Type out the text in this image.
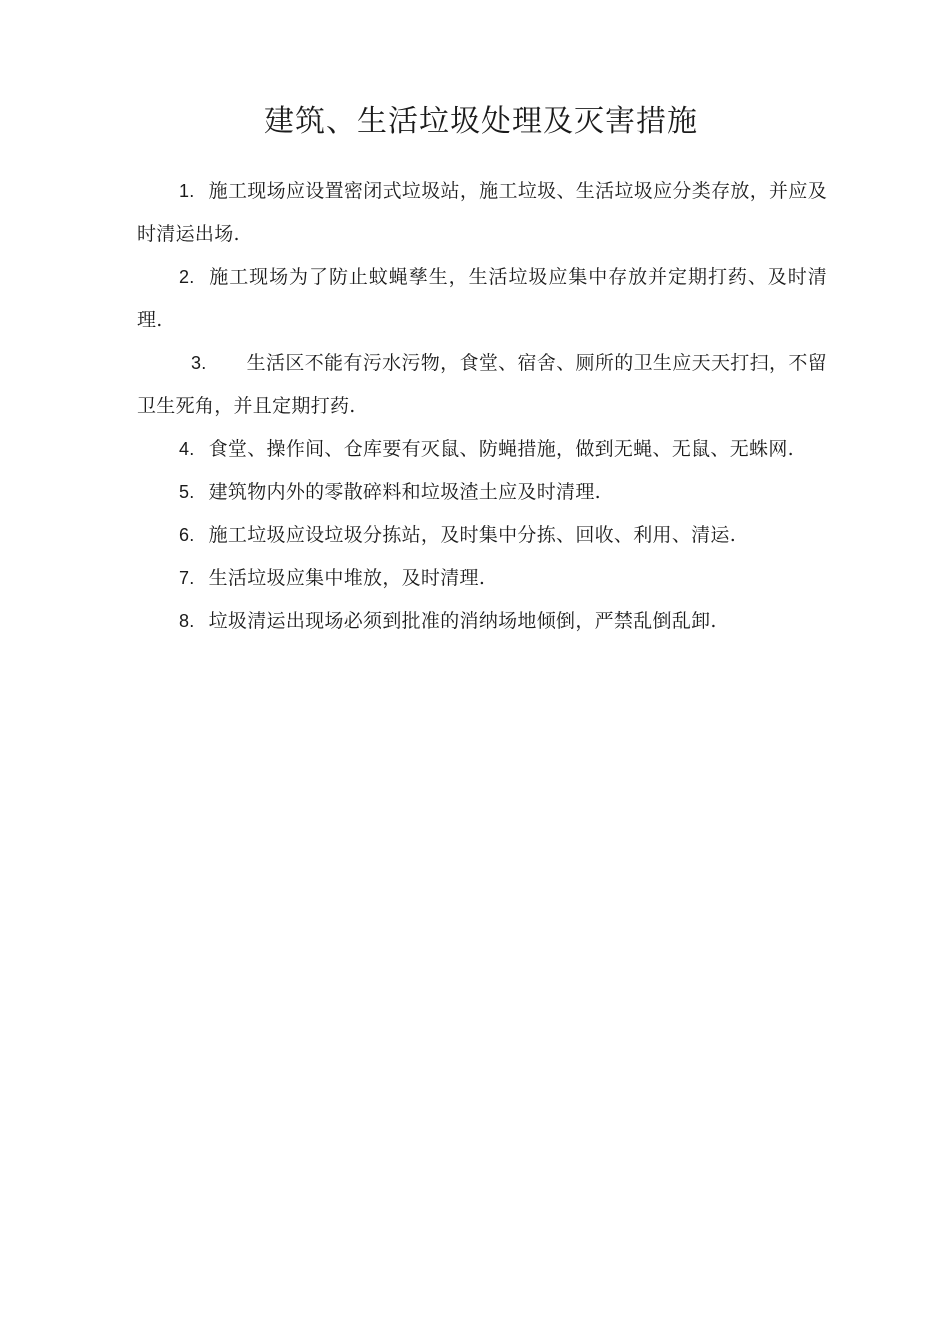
建筑、生活垃圾处理及灭害措施

1. 施工现场应设置密闭式垃圾站，施工垃圾、生活垃圾应分类存放，并应及时清运出场.

2. 施工现场为了防止蚊蝇孳生，生活垃圾应集中存放并定期打药、及时清理.

3. 生活区不能有污水污物，食堂、宿舍、厕所的卫生应天天打扫，不留卫生死角，并且定期打药.

4. 食堂、操作间、仓库要有灭鼠、防蝇措施，做到无蝇、无鼠、无蛛网.

5. 建筑物内外的零散碎料和垃圾渣土应及时清理.

6. 施工垃圾应设垃圾分拣站，及时集中分拣、回收、利用、清运.

7. 生活垃圾应集中堆放，及时清理.

8. 垃圾清运出现场必须到批准的消纳场地倾倒，严禁乱倒乱卸.
